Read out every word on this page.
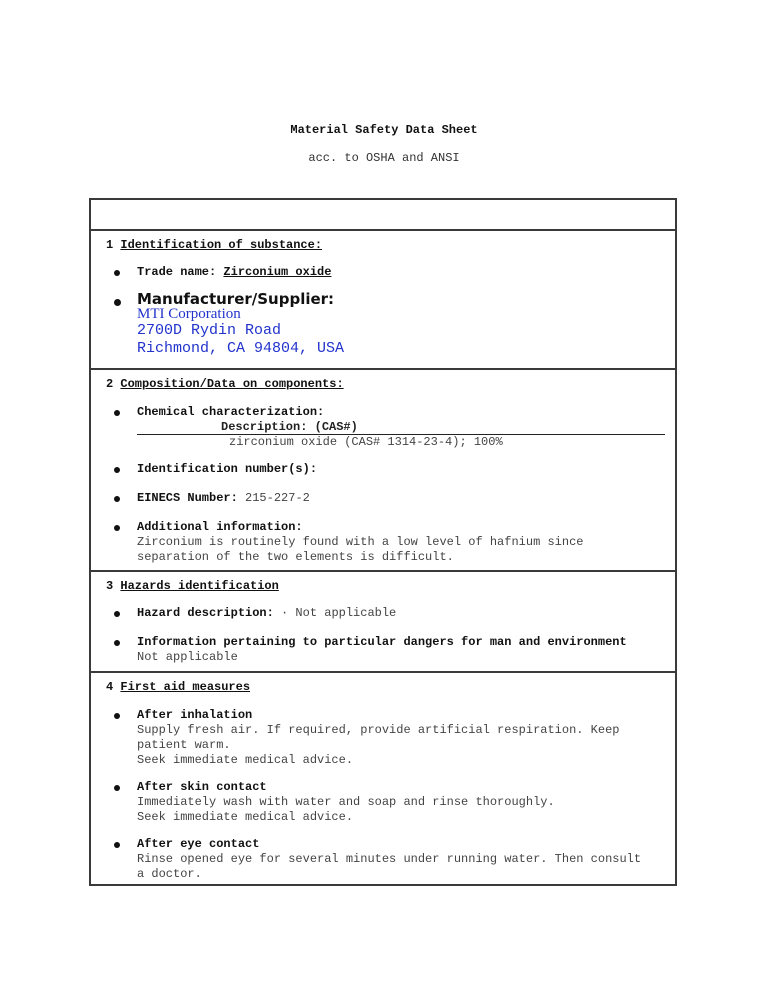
Material Safety Data Sheet
acc. to OSHA and ANSI
1 Identification of substance:
Trade name: Zirconium oxide
Manufacturer/Supplier:
MTI Corporation
2700D Rydin Road
Richmond, CA 94804, USA
2 Composition/Data on components:
Chemical characterization:
Description: (CAS#)
zirconium oxide (CAS# 1314-23-4); 100%
Identification number(s):
EINECS Number: 215-227-2
Additional information:
Zirconium is routinely found with a low level of hafnium since
separation of the two elements is difficult.
3 Hazards identification
Hazard description: · Not applicable
Information pertaining to particular dangers for man and environment
Not applicable
4 First aid measures
After inhalation
Supply fresh air. If required, provide artificial respiration. Keep
patient warm.
Seek immediate medical advice.
After skin contact
Immediately wash with water and soap and rinse thoroughly.
Seek immediate medical advice.
After eye contact
Rinse opened eye for several minutes under running water. Then consult
a doctor.
